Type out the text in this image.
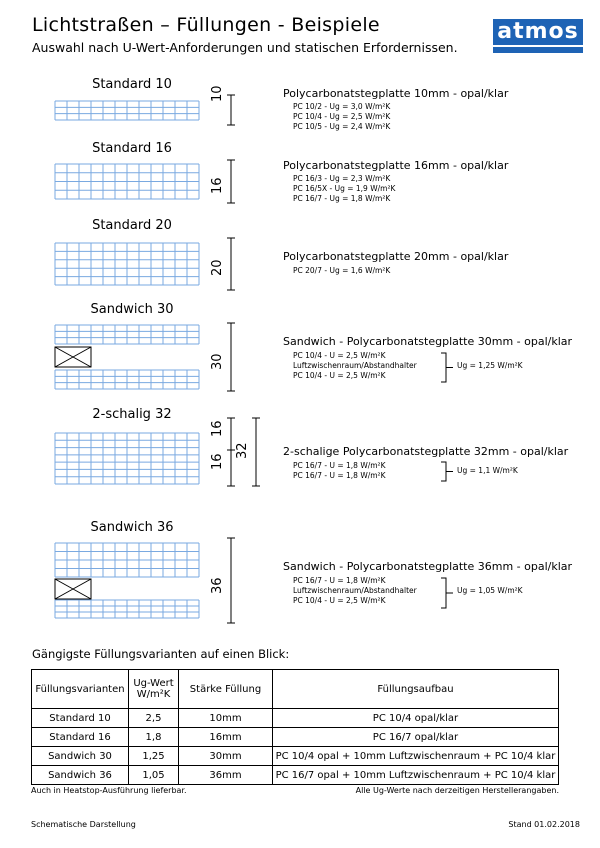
Lichtstraßen – Füllungen - Beispiele
Auswahl nach U-Wert-Anforderungen und statischen Erfordernissen.
atmos
Standard 10
Standard 16
Standard 20
Sandwich 30
2-schalig 32
Sandwich 36
Polycarbonatstegplatte 10mm - opal/klar
PC 10/2 - Ug = 3,0 W/m²K
PC 10/4 - Ug = 2,5 W/m²K
PC 10/5 - Ug = 2,4 W/m²K
Polycarbonatstegplatte 16mm - opal/klar
PC 16/3 - Ug = 2,3 W/m²K
PC 16/5X - Ug = 1,9 W/m²K
PC 16/7 - Ug = 1,8 W/m²K
Polycarbonatstegplatte 20mm - opal/klar
PC 20/7 - Ug = 1,6 W/m²K
Sandwich - Polycarbonatstegplatte 30mm - opal/klar
PC 10/4 - U = 2,5 W/m²K
Luftzwischenraum/Abstandhalter
PC 10/4 - U = 2,5 W/m²K
Ug = 1,25 W/m²K
2-schalige Polycarbonatstegplatte 32mm - opal/klar
PC 16/7 - U = 1,8 W/m²K
PC 16/7 - U = 1,8 W/m²K
Ug = 1,1 W/m²K
Sandwich - Polycarbonatstegplatte 36mm - opal/klar
PC 16/7 - U = 1,8 W/m²K
Luftzwischenraum/Abstandhalter
PC 10/4 - U = 2,5 W/m²K
Ug = 1,05 W/m²K
10
16
20
30
16
16
32
36
Gängigste Füllungsvarianten auf einen Blick:
Füllungsvarianten	Ug-Wert W/m²K	Stärke Füllung	Füllungsaufbau
Standard 10	2,5	10mm	PC 10/4 opal/klar
Standard 16	1,8	16mm	PC 16/7 opal/klar
Sandwich 30	1,25	30mm	PC 10/4 opal + 10mm Luftzwischenraum + PC 10/4 klar
Sandwich 36	1,05	36mm	PC 16/7 opal + 10mm Luftzwischenraum + PC 10/4 klar
Auch in Heatstop-Ausführung lieferbar.	Alle Ug-Werte nach derzeitigen Herstellerangaben.
Schematische Darstellung	Stand 01.02.2018
